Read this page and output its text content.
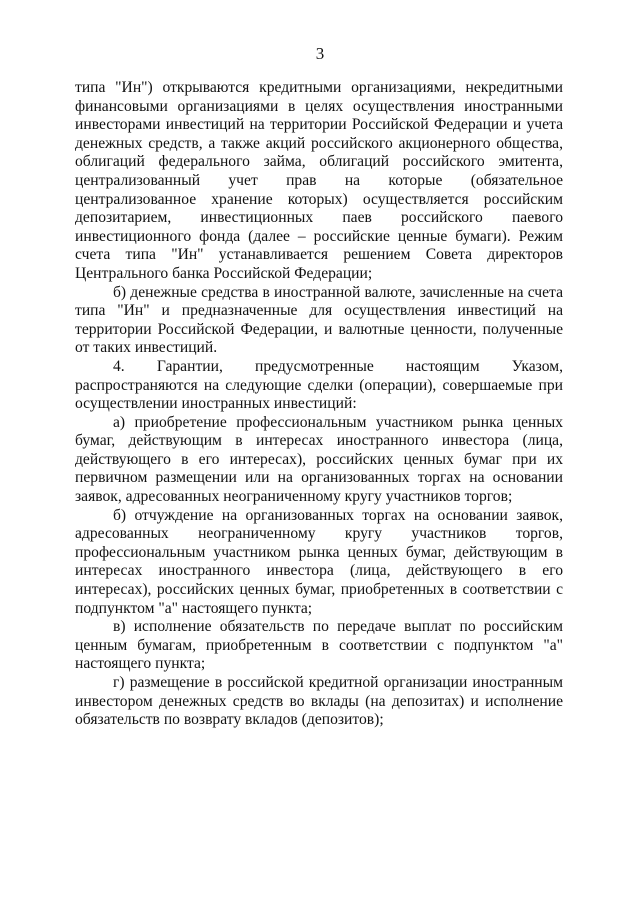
3

типа "Ин") открываются кредитными организациями, некредитными финансовыми организациями в целях осуществления иностранными инвесторами инвестиций на территории Российской Федерации и учета денежных средств, а также акций российского акционерного общества, облигаций федерального займа, облигаций российского эмитента, централизованный учет прав на которые (обязательное централизованное хранение которых) осуществляется российским депозитарием, инвестиционных паев российского паевого инвестиционного фонда (далее – российские ценные бумаги). Режим счета типа "Ин" устанавливается решением Совета директоров Центрального банка Российской Федерации;

б) денежные средства в иностранной валюте, зачисленные на счета типа "Ин" и предназначенные для осуществления инвестиций на территории Российской Федерации, и валютные ценности, полученные от таких инвестиций.

4. Гарантии, предусмотренные настоящим Указом, распространяются на следующие сделки (операции), совершаемые при осуществлении иностранных инвестиций:

а) приобретение профессиональным участником рынка ценных бумаг, действующим в интересах иностранного инвестора (лица, действующего в его интересах), российских ценных бумаг при их первичном размещении или на организованных торгах на основании заявок, адресованных неограниченному кругу участников торгов;

б) отчуждение на организованных торгах на основании заявок, адресованных неограниченному кругу участников торгов, профессиональным участником рынка ценных бумаг, действующим в интересах иностранного инвестора (лица, действующего в его интересах), российских ценных бумаг, приобретенных в соответствии с подпунктом "а" настоящего пункта;

в) исполнение обязательств по передаче выплат по российским ценным бумагам, приобретенным в соответствии с подпунктом "а" настоящего пункта;

г) размещение в российской кредитной организации иностранным инвестором денежных средств во вклады (на депозитах) и исполнение обязательств по возврату вкладов (депозитов);
